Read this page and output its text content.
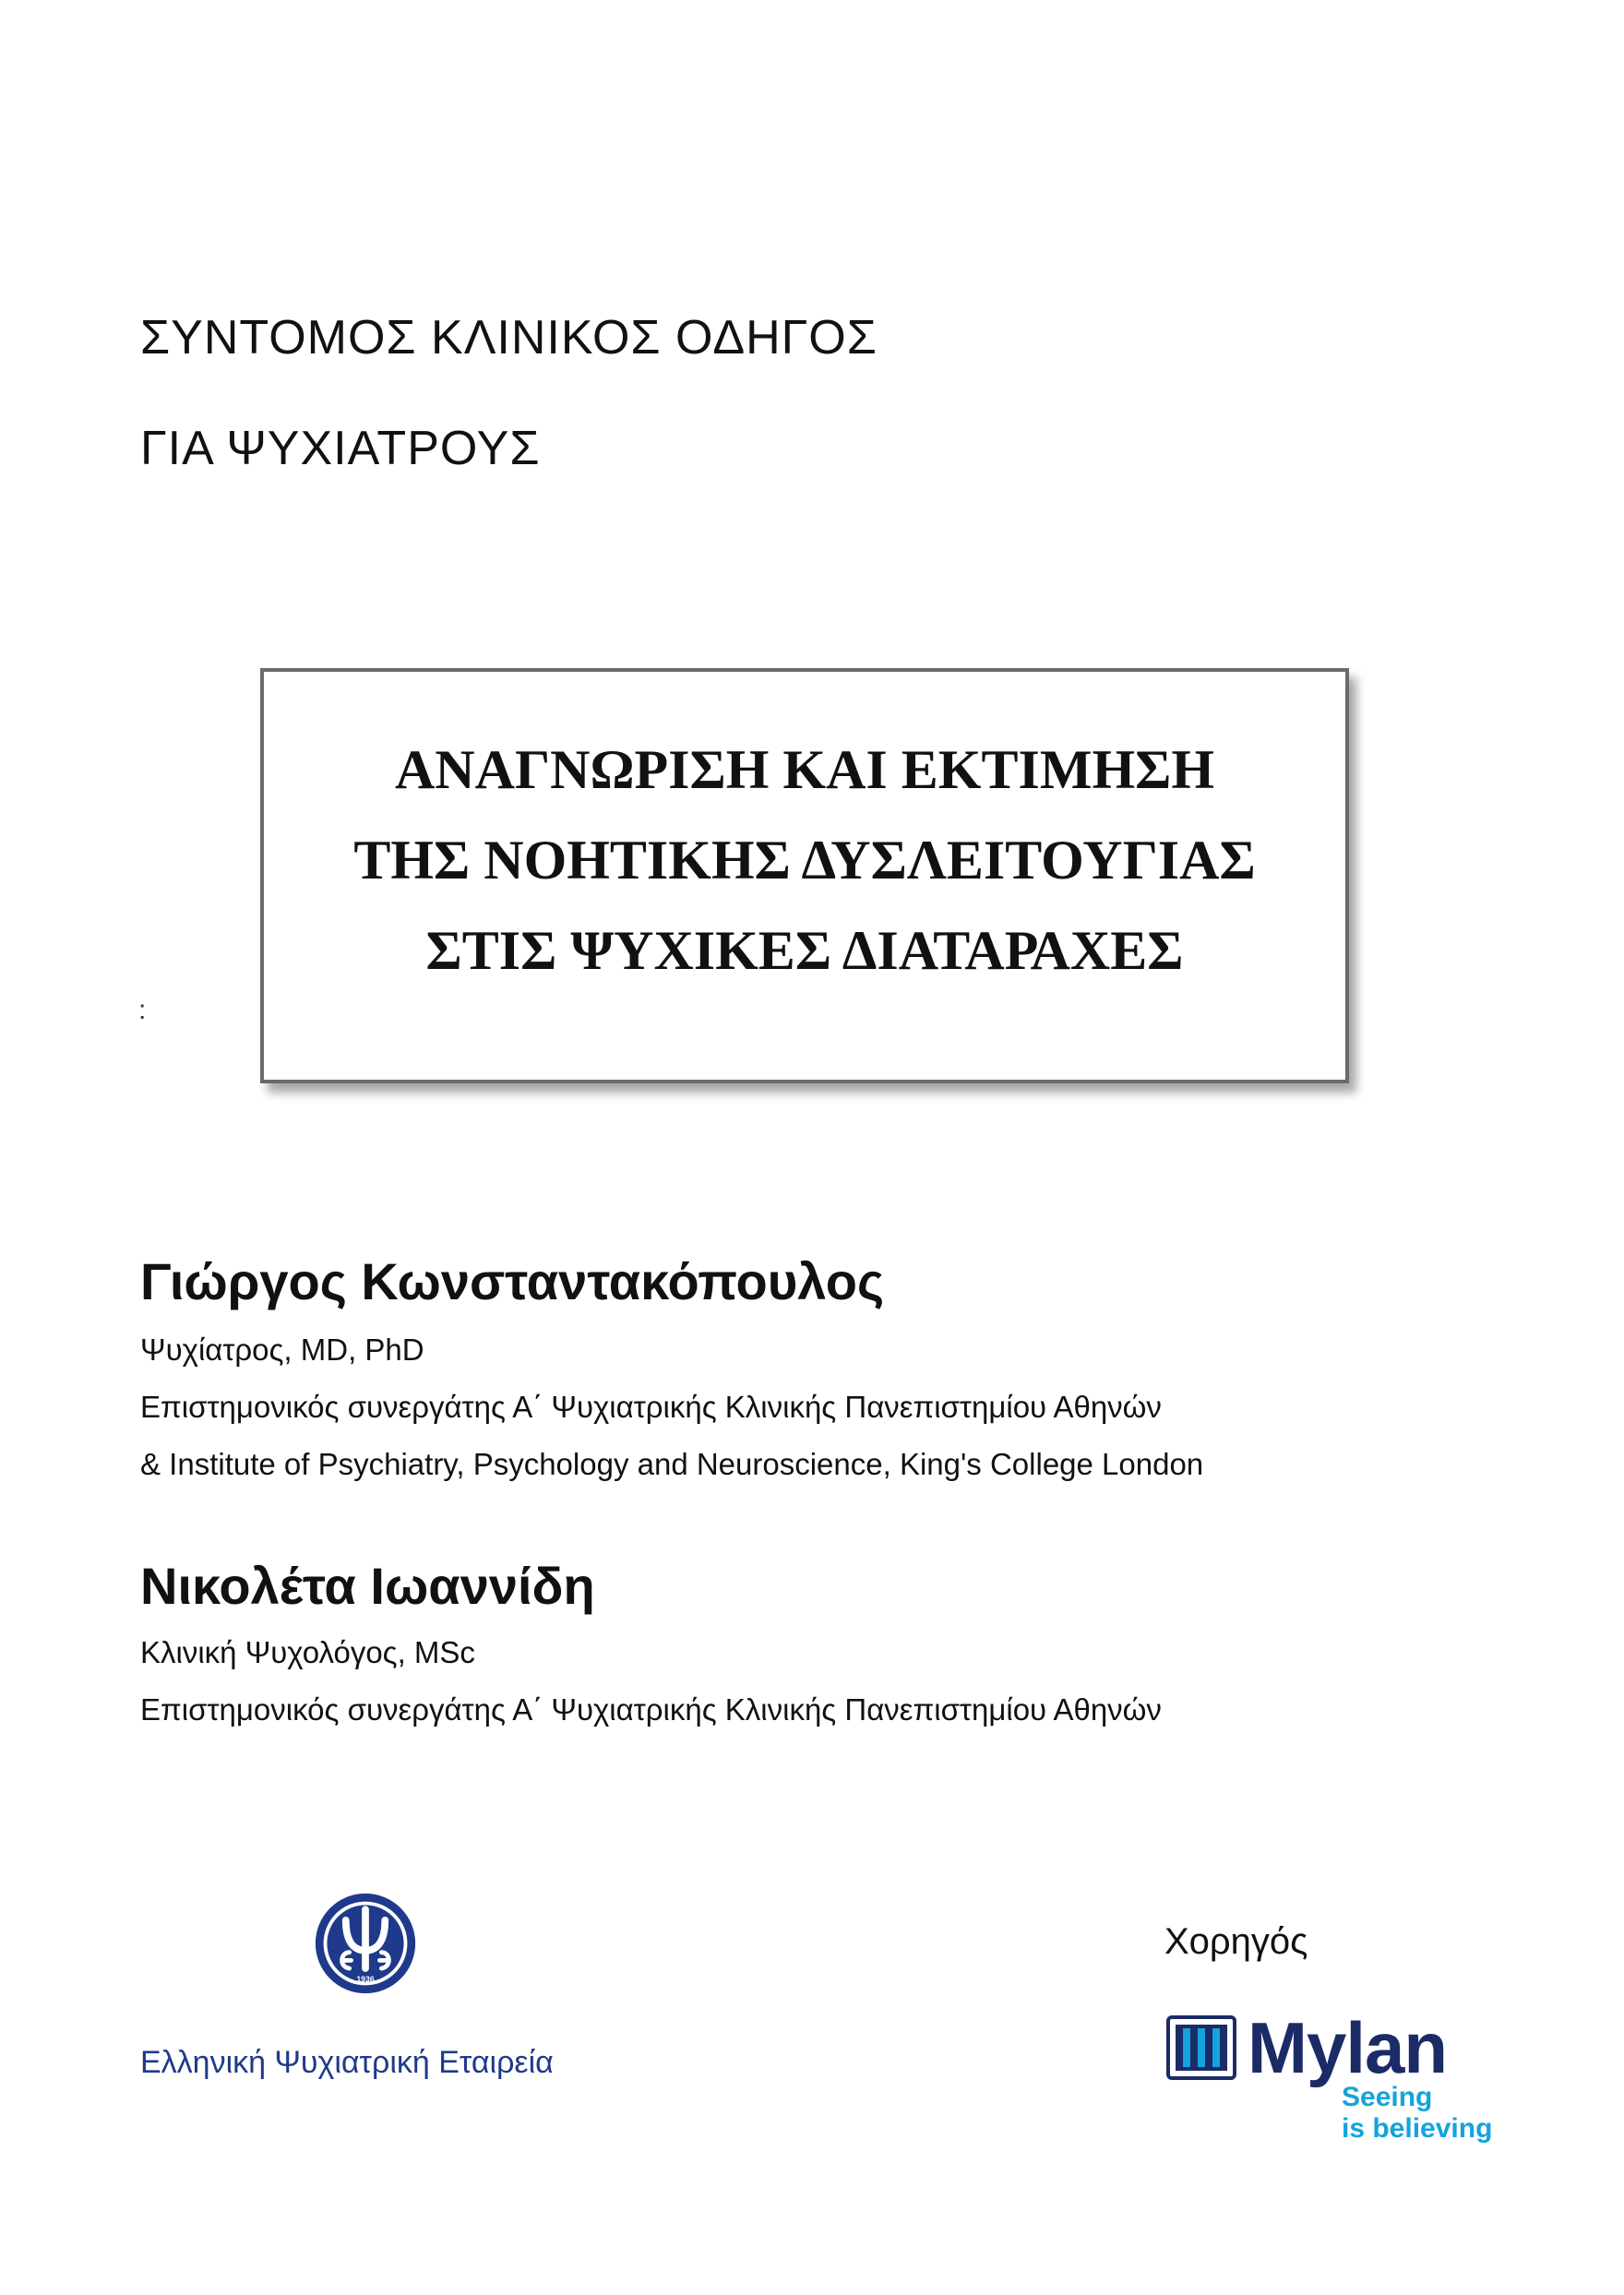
ΣΥΝΤΟΜΟΣ ΚΛΙΝΙΚΟΣ ΟΔΗΓΟΣ

ΓΙΑ ΨΥΧΙΑΤΡΟΥΣ

:

ΑΝΑΓΝΩΡΙΣΗ ΚΑΙ ΕΚΤΙΜΗΣΗ

ΤΗΣ ΝΟΗΤΙΚΗΣ ΔΥΣΛΕΙΤΟΥΓΙΑΣ

ΣΤΙΣ ΨΥΧΙΚΕΣ ΔΙΑΤΑΡΑΧΕΣ

Γιώργος Κωνσταντακόπουλος

Ψυχίατρος, MD, PhD

Επιστημονικός συνεργάτης Α΄ Ψυχιατρικής Κλινικής Πανεπιστημίου Αθηνών

& Institute of Psychiatry, Psychology and Neuroscience, King's College London

Νικολέτα Ιωαννίδη

Κλινική Ψυχολόγος, MSc

Επιστημονικός συνεργάτης Α΄ Ψυχιατρικής Κλινικής Πανεπιστημίου Αθηνών

1936

Ελληνική Ψυχιατρική Εταιρεία

Χορηγός

Mylan

Seeing

is believing
